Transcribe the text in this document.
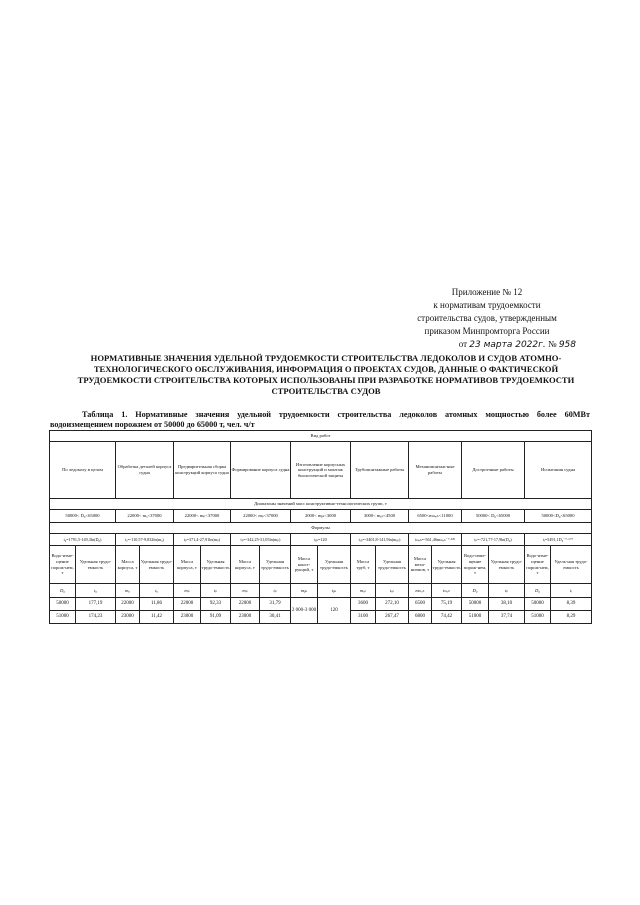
Приложение № 12
к нормативам трудоемкости
строительства судов, утвержденным
приказом Минпромторга России
от 23 марта 2022г. № 958
НОРМАТИВНЫЕ ЗНАЧЕНИЯ УДЕЛЬНОЙ ТРУДОЕМКОСТИ СТРОИТЕЛЬСТВА ЛЕДОКОЛОВ И СУДОВ АТОМНО-ТЕХНОЛОГИЧЕСКОГО ОБСЛУЖИВАНИЯ, ИНФОРМАЦИЯ О ПРОЕКТАХ СУДОВ, ДАННЫЕ О ФАКТИЧЕСКОЙ ТРУДОЕМКОСТИ СТРОИТЕЛЬСТВА КОТОРЫХ ИСПОЛЬЗОВАНЫ ПРИ РАЗРАБОТКЕ НОРМАТИВОВ ТРУДОЕМКОСТИ СТРОИТЕЛЬСТВА СУДОВ
Таблица 1. Нормативные значения удельной трудоемкости строительства ледоколов атомных мощностью более 60МВт водоизмещением порожнем от 50000 до 65000 т, чел. ч/т
Вид работ																	
По ледоколу в целом		Обработка деталей корпуса судна		Предварительная сборка конструкций корпуса судна		Формирование корпуса судна		Изготовление корпусных конструкций и монтаж биологической защиты		Трубомонтажные работы		Механомонтаж-ные работы		Достроечные работы		Испытания судна	
Диапазоны значений масс конструктивно-технологических групп, т																	
50000< D₀<65000		22000< mₐ<37000		22000< mₚ<37000		22000< mₚ<37000		2000< mᵦₛ<3000		3000< mᵣₚ<4500		6500<mₘₑₕ<11000		50000< D₀<65000		50000<D₀<65000	
Формулы																	
t₀=1791,5-149,3ln(D₀)		tₐ=-110,57-9,832ln(mₐ)		tₚ=371,4-27,91ln(mₚ)		tₚ=-342,25-31,05ln(mₚ)		tᵦₛ=120		tᵣₚ=-3401,8-141,9ln(mᵣₚ)		tₘₑₕ=-561,46mₘₑₕ⁻⁰·³³⁹		tₚ=-721,77-17,9ln(D₀)		tᵢ=5491,1D₀⁻⁰·⁶⁰⁷	
Водо-изме-щение порож-нем, т	Удельная трудо-емкость	Масса корпуса, т	Удельная трудо-емкость	Масса корпуса, т	Удельная трудо-емкость	Масса корпуса, т	Удельная трудо-емкость	Масса конст-рукций, т	Удельная трудо-емкость	Масса труб, т	Удельная трудо-емкость	Масса меха-низмов, т	Удельная трудо-емкость	Водо-изме-щение порож-нем, т	Удельная трудо-емкость	Водо-изме-щение порож-нем, т	Удель-ная трудо-емкость
D₀	t₀	mₐ	tₐ	mₚ	tₚ	mₚ	tₚ	mᵦₛ	tᵦₛ	mᵣₚ	tᵣₚ	mₘₑₕ	tₘₑₕ	D₀	tₚ	D₀	tᵢ
50000	177,19	22000	11,86	22000	92,33	22000	31,79	2 000-3 000	120	3600	272,10	6500	75,19	50000	38,10	50000	8,39
51000	174,23	23000	11,42	23000	91,09	23000	30,41			3100	267,47	6800	74,42	51000	37,74	51000	8,29
